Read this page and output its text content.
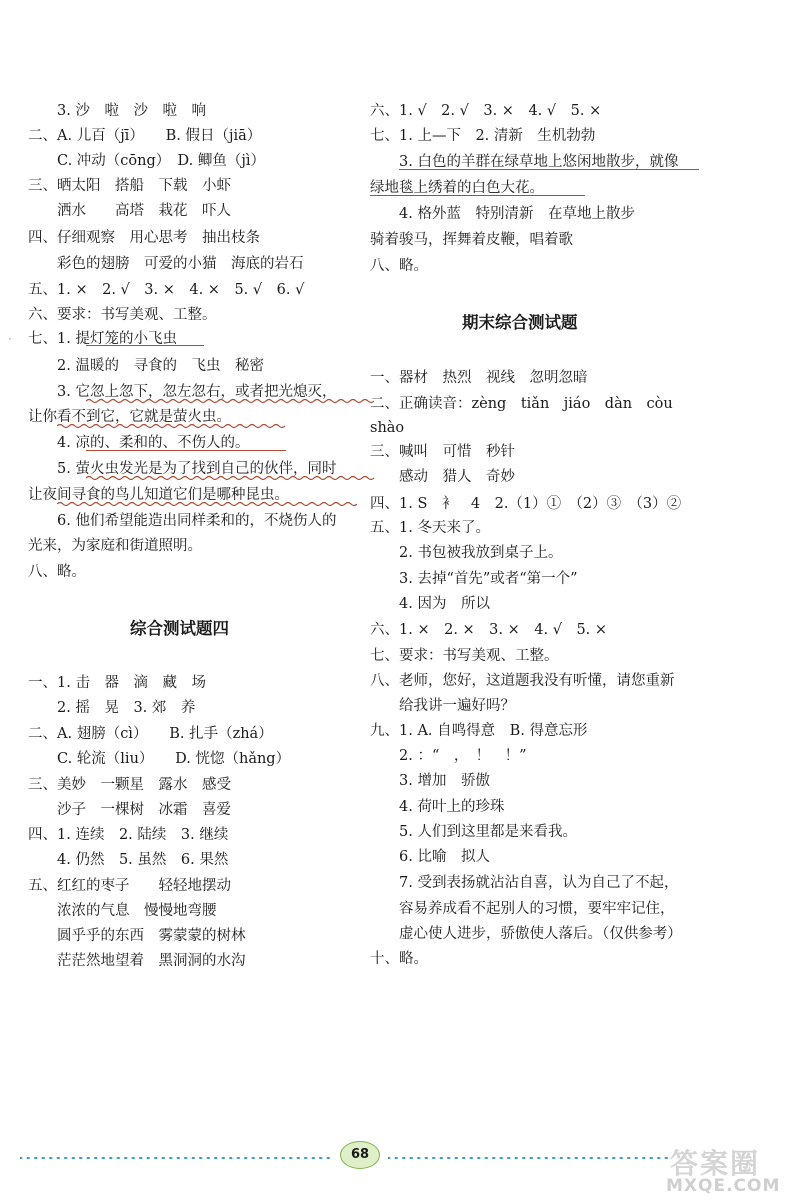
3. 沙　啦　沙　啦　响
二、A. 儿百（jī）　　B. 假日（jiā）
C. 冲动（cōng）　D. 鲫鱼（jì）
三、晒太阳　搭船　下载　小虾
洒水　　高塔　栽花　吓人
四、仔细观察　用心思考　抽出枝条
彩色的翅膀　可爱的小猫　海底的岩石
五、1. ×　2. √　3. ×　4. ×　5. √　6. √
六、要求：书写美观、工整。
七、1. 提灯笼的小飞虫
2. 温暖的　寻食的　飞虫　秘密
3. 它忽上忽下，忽左忽右，或者把光熄灭，
让你看不到它，它就是萤火虫。
4. 凉的、柔和的、不伤人的。
5. 萤火虫发光是为了找到自己的伙伴，同时
让夜间寻食的鸟儿知道它们是哪种昆虫。
6. 他们希望能造出同样柔和的，不烧伤人的
光来，为家庭和街道照明。
八、略。
综合测试题四
一、1. 击　器　滴　藏　场
2. 摇　晃　3. 郊　养
二、A. 翅膀（cì）　　B. 扎手（zhá）
C. 轮流（liu）　　D. 恍惚（hǎng）
三、美妙　一颗星　露水　感受
沙子　一棵树　冰霜　喜爱
四、1. 连续　2. 陆续　3. 继续
4. 仍然　5. 虽然　6. 果然
五、红红的枣子　　轻轻地摆动
浓浓的气息　慢慢地弯腰
圆乎乎的东西　雾蒙蒙的树林
茫茫然地望着　黑洞洞的水沟
·
六、1. √　2. √　3. ×　4. √　5. ×
七、1. 上—下　2. 清新　生机勃勃
3. 白色的羊群在绿草地上悠闲地散步，就像
绿地毯上绣着的白色大花。
4. 格外蓝　特别清新　在草地上散步
骑着骏马，挥舞着皮鞭，唱着歌
八、略。
期末综合测试题
一、器材　热烈　视线　忽明忽暗
二、正确读音：zèng　tiǎn　jiáo　dàn　còu
shào
三、喊叫　可惜　秒针
感动　猎人　奇妙
四、1. S　衤　4　2.（1）①　（2）③　（3）②
五、1. 冬天来了。
2. 书包被我放到桌子上。
3. 去掉“首先”或者“第一个”
4. 因为　所以
六、1. ×　2. ×　3. ×　4. √　5. ×
七、要求：书写美观、工整。
八、老师，您好，这道题我没有听懂，请您重新
给我讲一遍好吗？
九、1. A. 自鸣得意　B. 得意忘形
2. ：“　，　！　！”
3. 增加　骄傲
4. 荷叶上的珍珠
5. 人们到这里都是来看我。
6. 比喻　拟人
7. 受到表扬就沾沾自喜，认为自己了不起，
容易养成看不起别人的习惯，要牢牢记住，
虚心使人进步，骄傲使人落后。（仅供参考）
十、略。
68	答案圈
MXQE.COM
